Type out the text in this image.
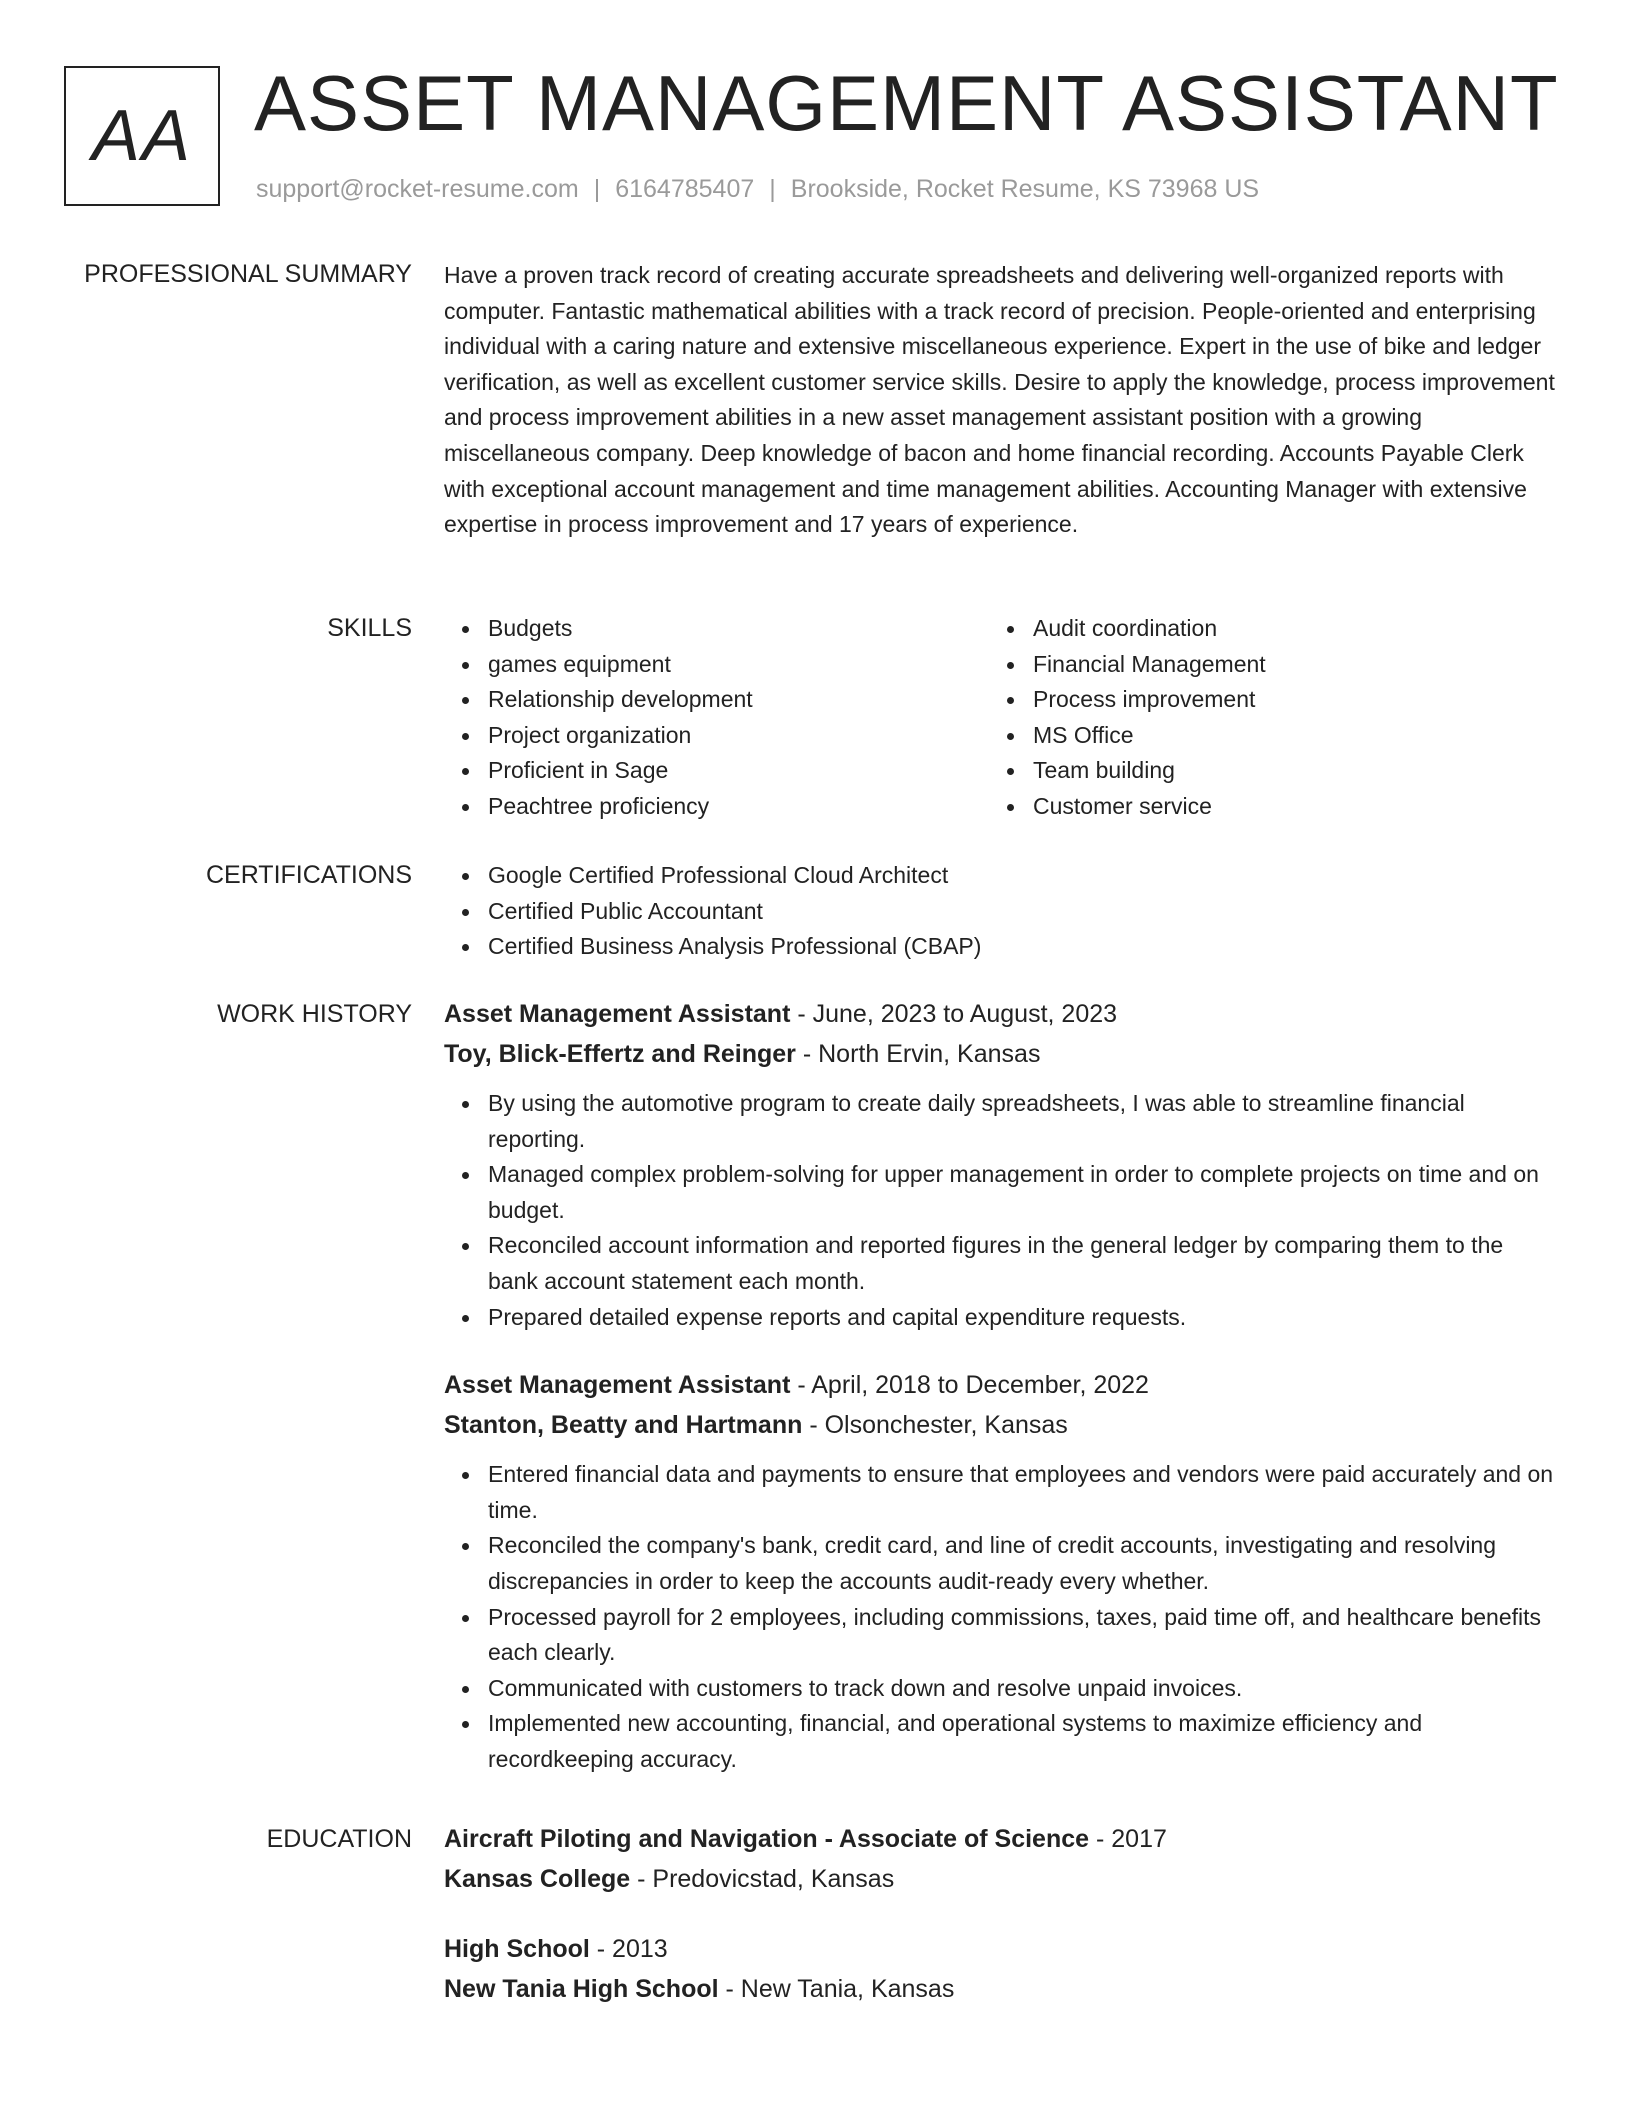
AA ASSET MANAGEMENT ASSISTANT
support@rocket-resume.com | 6164785407 | Brookside, Rocket Resume, KS 73968 US
PROFESSIONAL SUMMARY Have a proven track record of creating accurate spreadsheets and delivering well-organized reports with computer. Fantastic mathematical abilities with a track record of precision. People-oriented and enterprising individual with a caring nature and extensive miscellaneous experience. Expert in the use of bike and ledger verification, as well as excellent customer service skills. Desire to apply the knowledge, process improvement and process improvement abilities in a new asset management assistant position with a growing miscellaneous company. Deep knowledge of bacon and home financial recording. Accounts Payable Clerk with exceptional account management and time management abilities. Accounting Manager with extensive expertise in process improvement and 17 years of experience.

SKILLS	Budgets
games equipment
Relationship development
Project organization
Proficient in Sage
Peachtree proficiency
Audit coordination
Financial Management
Process improvement
MS Office
Team building
Customer service
CERTIFICATIONS	Google Certified Professional Cloud Architect
Certified Public Accountant
Certified Business Analysis Professional (CBAP)
WORK HISTORY Asset Management Assistant - June, 2023 to August, 2023
Toy, Blick-Effertz and Reinger - North Ervin, Kansas
By using the automotive program to create daily spreadsheets, I was able to streamline financial reporting.
Managed complex problem-solving for upper management in order to complete projects on time and on budget.
Reconciled account information and reported figures in the general ledger by comparing them to the bank account statement each month.
Prepared detailed expense reports and capital expenditure requests.
Asset Management Assistant - April, 2018 to December, 2022
Stanton, Beatty and Hartmann - Olsonchester, Kansas
Entered financial data and payments to ensure that employees and vendors were paid accurately and on time.
Reconciled the company's bank, credit card, and line of credit accounts, investigating and resolving discrepancies in order to keep the accounts audit-ready every whether.
Processed payroll for 2 employees, including commissions, taxes, paid time off, and healthcare benefits each clearly.
Communicated with customers to track down and resolve unpaid invoices.
Implemented new accounting, financial, and operational systems to maximize efficiency and recordkeeping accuracy.
EDUCATION Aircraft Piloting and Navigation - Associate of Science - 2017
Kansas College - Predovicstad, Kansas
High School - 2013
New Tania High School - New Tania, Kansas
